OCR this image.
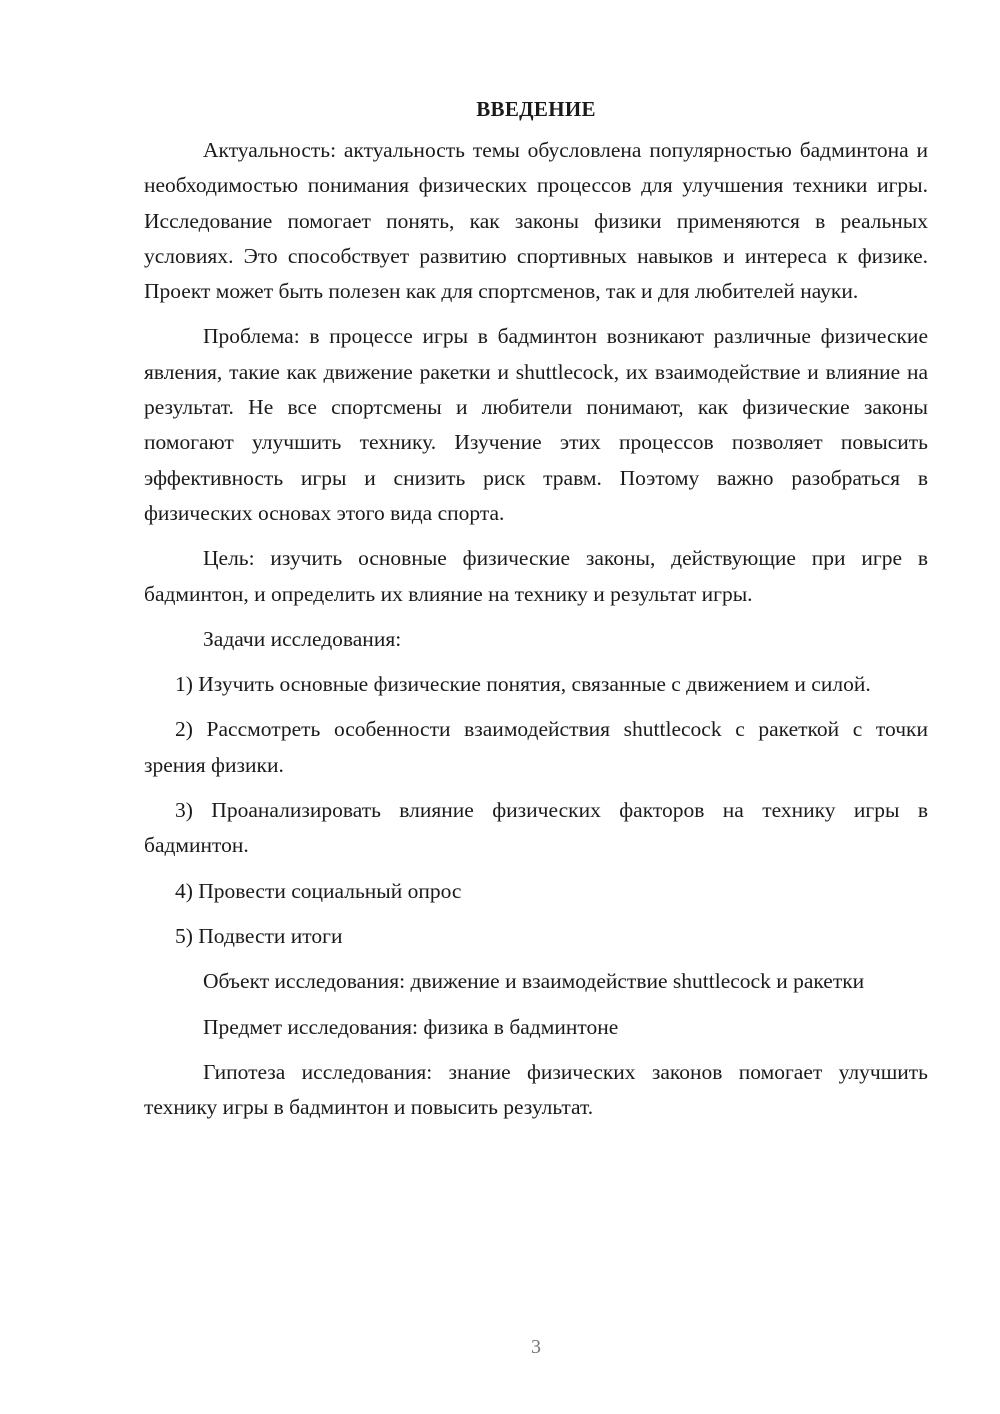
ВВЕДЕНИЕ

Актуальность: актуальность темы обусловлена популярностью бадминтона и необходимостью понимания физических процессов для улучшения техники игры. Исследование помогает понять, как законы физики применяются в реальных условиях. Это способствует развитию спортивных навыков и интереса к физике. Проект может быть полезен как для спортсменов, так и для любителей науки.

Проблема: в процессе игры в бадминтон возникают различные физические явления, такие как движение ракетки и shuttlecock, их взаимодействие и влияние на результат. Не все спортсмены и любители понимают, как физические законы помогают улучшить технику. Изучение этих процессов позволяет повысить эффективность игры и снизить риск травм. Поэтому важно разобраться в физических основах этого вида спорта.

Цель: изучить основные физические законы, действующие при игре в бадминтон, и определить их влияние на технику и результат игры.

Задачи исследования:

1) Изучить основные физические понятия, связанные с движением и силой.

2) Рассмотреть особенности взаимодействия shuttlecock с ракеткой с точки зрения физики.

3) Проанализировать влияние физических факторов на технику игры в бадминтон.

4) Провести социальный опрос

5) Подвести итоги

Объект исследования: движение и взаимодействие shuttlecock и ракетки

Предмет исследования: физика в бадминтоне

Гипотеза исследования: знание физических законов помогает улучшить технику игры в бадминтон и повысить результат.

3
